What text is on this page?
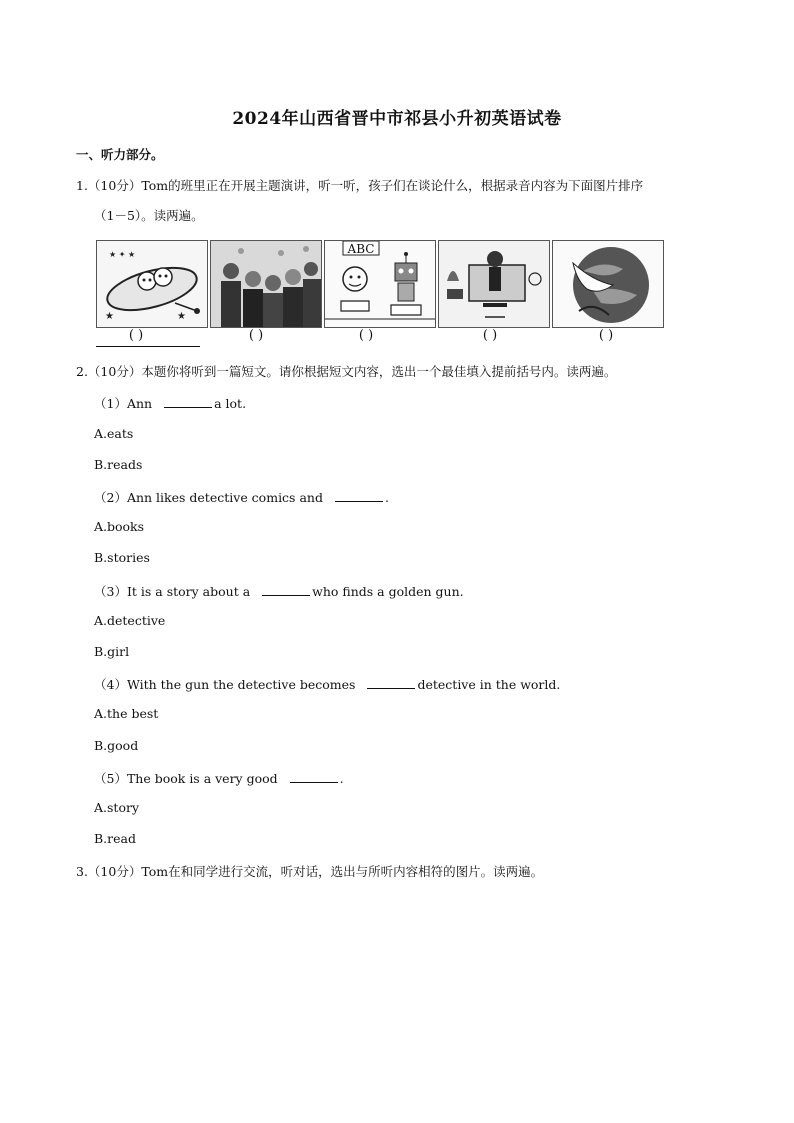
2024年山西省晋中市祁县小升初英语试卷
一、听力部分。
1.（10分）Tom的班里正在开展主题演讲，听一听，孩子们在谈论什么，根据录音内容为下面图片排序
（1－5）。读两遍。
★ ✦ ★
★
★
ABC
( )	( )	( )	( )	( )
2.（10分）本题你将听到一篇短文。请你根据短文内容，选出一个最佳填入提前括号内。读两遍。
（1）Ann	a lot.
A.eats
B.reads
（2）Ann likes detective comics and	.
A.books
B.stories
（3）It is a story about a	who finds a golden gun.
A.detective
B.girl
（4）With the gun the detective becomes	detective in the world.
A.the best
B.good
（5）The book is a very good	.
A.story
B.read
3.（10分）Tom在和同学进行交流，听对话，选出与所听内容相符的图片。读两遍。
